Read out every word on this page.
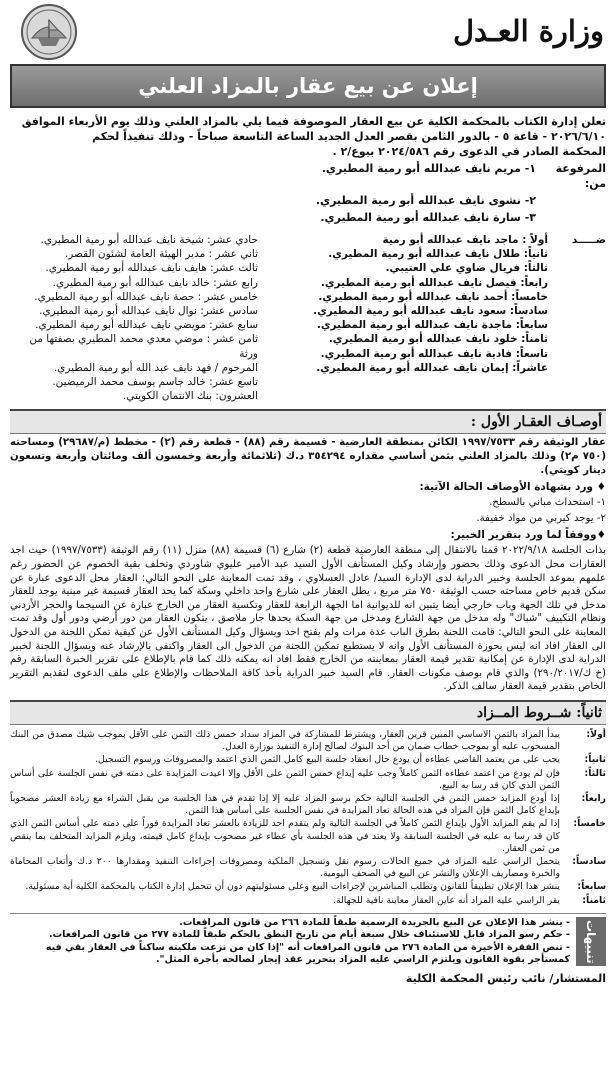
وزارة العـدل
إعلان عن بيع عقار بالمزاد العلني
تعلن إدارة الكتاب بالمحكمة الكلية عن بيع العقار الموصوفة فيما يلي بالمزاد العلني وذلك يوم الأربعاء الموافق
٢٠٢٦/٦/١٠ - قاعة ٥ - بالدور الثامن بقصر العدل الجديد الساعة التاسعة صباحاً - وذلك تنفيذاً لحكم
المحكمة الصادر في الدعوى رقم ٢٠٢٤/٥٨٦ بيوع/٢ .
المرفوعة من:
١- مريم نايف عبدالله أبو رمية المطيري.
٢- نشوى نايف عبدالله أبو رمية المطيري.
٣- سارة نايف عبدالله أبو رمية المطيري.
ضـــــد
أولاً : ماجد نايف عبدالله أبو رمية
ثانياً: طلال نايف عبدالله أبو رمية المطيري.
ثالثاً: فريال ضاوي علي العتيبي.
رابعاً: فيصل نايف عبدالله أبو رمية المطيري.
خامساً: أحمد نايف عبدالله أبو رمية المطيري.
سادساً: سعود نايف عبدالله أبو رمية المطيري.
سابعاً: ماجدة نايف عبدالله أبو رمية المطيري.
ثامناً: خلود نايف عبدالله أبو رمية المطيري.
تاسعاً: فادية نايف عبدالله أبو رمية المطيري.
عاشراً: إيمان نايف عبدالله أبو رمية المطيري.
حادي عشر: شيخة نايف عبدالله أبو رمية المطيري.
ثاني عشر : مدير الهيئة العامة لشئون القصر.
ثالث عشر: هايف نايف عبدالله أبو رمية المطيري.
رابع عشر: خالد نايف عبدالله أبو رمية المطيري.
خامس عشر : حصة نايف عبدالله أبو رمية المطيري.
سادس عشر: نوال نايف عبدالله أبو رمية المطيري.
سابع عشر: مويضي نايف عبدالله أبو رمية المطيري.
ثامن عشر : موضي معدي محمد المطيري بصفتها من ورثة
المرحوم / فهد نايف عبد الله أبو رمية المطيري.
تاسع عشر: خالد جاسم يوسف محمد الرميضين.
العشرون: بنك الانتمان الكويتي.
أوصـاف العقـار الأول :
عقار الوثيقة رقم ١٩٩٧/٧٥٣٣ الكائن بمنطقة العارضية - قسيمة رقم (٨٨) - قطعة رقم (٢) - مخطط (م/٢٩٦٨٧) ومساحته (٧٥٠ م٢) وذلك بالمزاد العلني بثمن أساسي مقداره ٣٥٤٢٩٤ د.ك (ثلاثمائة وأربعة وخمسون ألف ومائتان وأربعة وتسعون دينار كويتي).
♦ ورد بشهادة الأوصاف الحالة الآتية:
١- استحداث مباني بالسطح.
٢- يوجد كيربي من مواد خفيفة.
♦ووفقاً لما ورد بتقرير الخبير:
بذات الجلسة ٢٠٢٢/٩/١٨ قمنا بالانتقال إلى منطقة العارضية قطعة (٢) شارع (٦) قسيمة (٨٨) منزل (١١) رقم الوثيقة (١٩٩٧/٧٥٣٣) حيث اجد العقارات محل الدعوى وذلك بحضور وإرشاد وكيل المستأنف الأول السيد عبد الأمير عليوي شاوردي وتخلف بقية الخصوم عن الحضور رغم علمهم بموعد الجلسة وخبير الدراية لدى الإدارة السيد/ عادل العسلاوي ، وقد تمت المعاينة على النحو التالي: العقار محل الدعوى عبارة عن سكن قديم خاص مساحته حسب الوثيقة ٧٥٠ متر مربع ، يطل العقار على شارع واحد داخلي وسكة كما يحد العقار قسيمة غير مبنية يوجد للعقار مدخل في تلك الجهة وباب خارجي أيضا يتبين انه للديوانية اما الجهة الرابعة للعقار وتكسية العقار من الخارج عبارة عن السيجما والحجر الأردني ونظام التكييف "شباك" وله مدخل من جهة الشارع ومدخل من جهة السكة يحدها جار ملاصق ، يتكون العقار من دور أرضي ودور أول وقد تمت المعاينة على النحو التالي: قامت اللجنة بطرق الباب عدة مرات ولم يفتح احد ويسؤال وكيل المستأنف الأول عن كيفية تمكن اللجنة من الدخول الى العقار افاد انه ليس بحوزة المستأنف الأول وانه لا يستطيع تمكين اللجنة من الدخول الى العقار واكتفى بالإرشاد عنه ويسؤال اللجنة لخبير الدراية لدى الإدارة عن إمكانية تقدير قيمة العقار بمعاينته من الخارج فقط افاد انه يمكنه ذلك كما قام بالإطلاع على تقرير الخبرة السابقة رقم (خ ك/٢٩٠/٢٠١٧) والذي قام بوصف مكونات العقار. قام السيد خبير الدراية بأخذ كافة الملاحظات والإطلاع على ملف الدعوى لتقديم التقرير الخاص بتقدير قيمة العقار سالف الذكر.
ثانياً: شــروط المــزاد
أولاً:
يبدأ المزاد بالثمن الاساسي المبين قرين العقار، ويشترط للمشاركة في المزاد سداد خمس ذلك الثمن على الأقل بموجب شيك مصدق من البنك المسحوب عليه أو بموجب خطاب ضمان من أحد البنوك لصالح إدارة التنفيذ بوزارة العدل.
ثانياً:
يجب على من يعتمد القاضي عطاءه أن يودع حال انعقاد جلسة البيع كامل الثمن الذي اعتمد والمصروفات ورسوم التسجيل.
ثالثاً:
فإن لم يودع من اعتمد عطاءه الثمن كاملاً وجب عليه إيداع خمس الثمن على الأقل وإلا اعيدت المزايدة على ذمته في نفس الجلسة على أساس الثمن الذي كان قد رسا به البيع.
رابعاً:
إذا أودع المزايد خمس الثمن في الجلسة التالية حكم برسو المزاد عليه إلا إذا تقدم في هذا الجلسة من يقبل الشراء مع زيادة العشر مصحوباً بإيداع كامل الثمن فإن المزاد في هذه الحالة تعاد المزايدة في نفس الجلسة على أساس هذا الثمن.
خامساً:
إذا لم يقم المزايد الأول بإيداع الثمن كاملاً في الجلسة التالية ولم يتقدم احد للزيادة بالعشر تعاد المزايدة فوراً على ذمته على أساس الثمن الذي كان قد رسا به عليه في الجلسة السابقة ولا يعتد في هذه الجلسة بأي عطاء غير مصحوب بإيداع كامل قيمته، ويلزم المزايد المتخلف بما ينقص من ثمن العقار.
سادساً:
يتحمل الراسي عليه المزاد في جميع الحالات رسوم نقل وتسجيل الملكية ومصروفات إجراءات التنفيذ ومقدارها ٢٠٠ د.ك وأتعاب المحاماة والخبرة ومصاريف الإعلان والنشر عن البيع في الصحف اليومية.
سابعاً:
ينشر هذا الإعلان تطبيقاً للقانون وتطلب المباشرين لإجراءات البيع وعلى مسئوليتهم دون أن تتحمل إدارة الكتاب بالمحكمة الكلية أية مسئولية.
ثامناً:
يقر الراسي عليه المزاد أنه عاين العقار معاينة نافية للجهالة.
تنبيهات
- ينشر هذا الإعلان عن البيع بالجريدة الرسمية طبقاً للمادة ٢٦٦ من قانون المرافعات.
- حكم رسو المزاد قابل للاستئناف خلال سبعة أيام من تاريخ النطق بالحكم طبقاً للمادة ٢٧٧ من قانون المرافعات.
- تنص الفقرة الأخيرة من المادة ٢٧٦ من قانون المرافعات أنه "إذا كان من نزعت ملكيته ساكناً في العقار بقي فيه كمستأجر بقوة القانون ويلتزم الراسي عليه المزاد بتحرير عقد إيجار لصالحه بأجرة المثل".
المستشار/ نائب رئيس المحكمة الكلية
